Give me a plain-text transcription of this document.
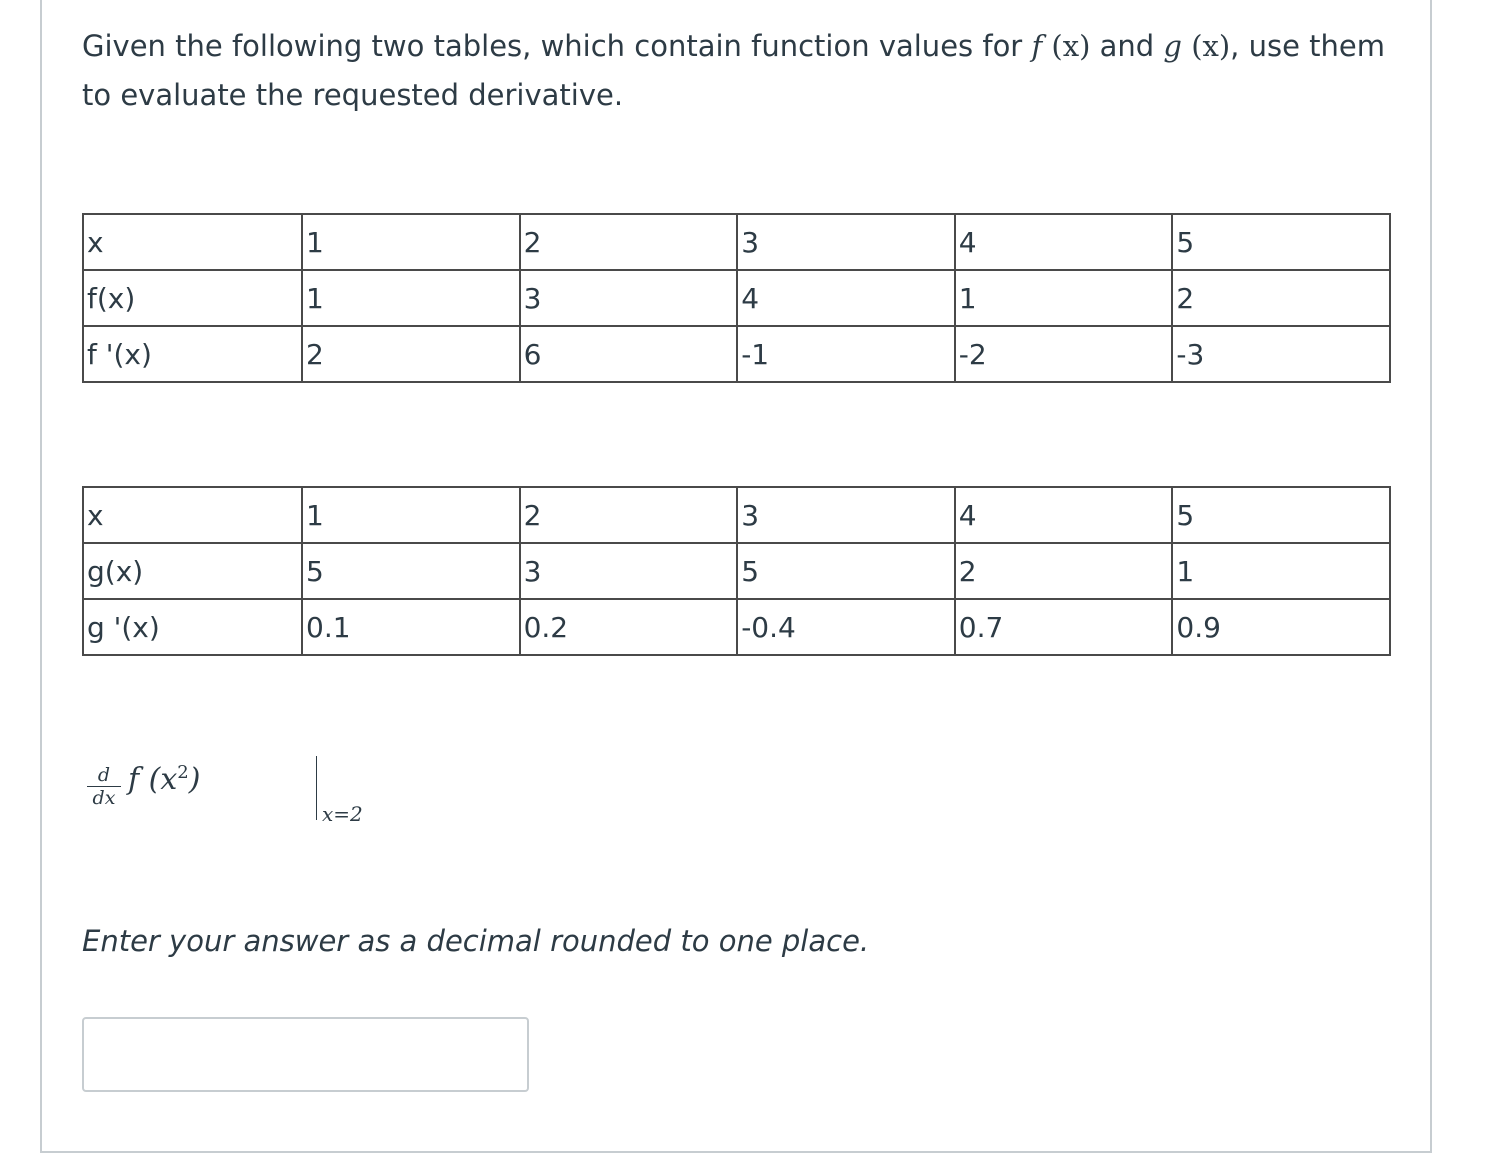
Given the following two tables, which contain function values for f (x) and g (x), use them to evaluate the requested derivative.
x	1	2	3	4	5
f(x)	1	3	4	1	2
f '(x)	2	6	-1	-2	-3
x	1	2	3	4	5
g(x)	5	3	5	2	1
g '(x)	0.1	0.2	-0.4	0.7	0.9
d
dx
f $(x^2)$
x=2
Enter your answer as a decimal rounded to one place.
